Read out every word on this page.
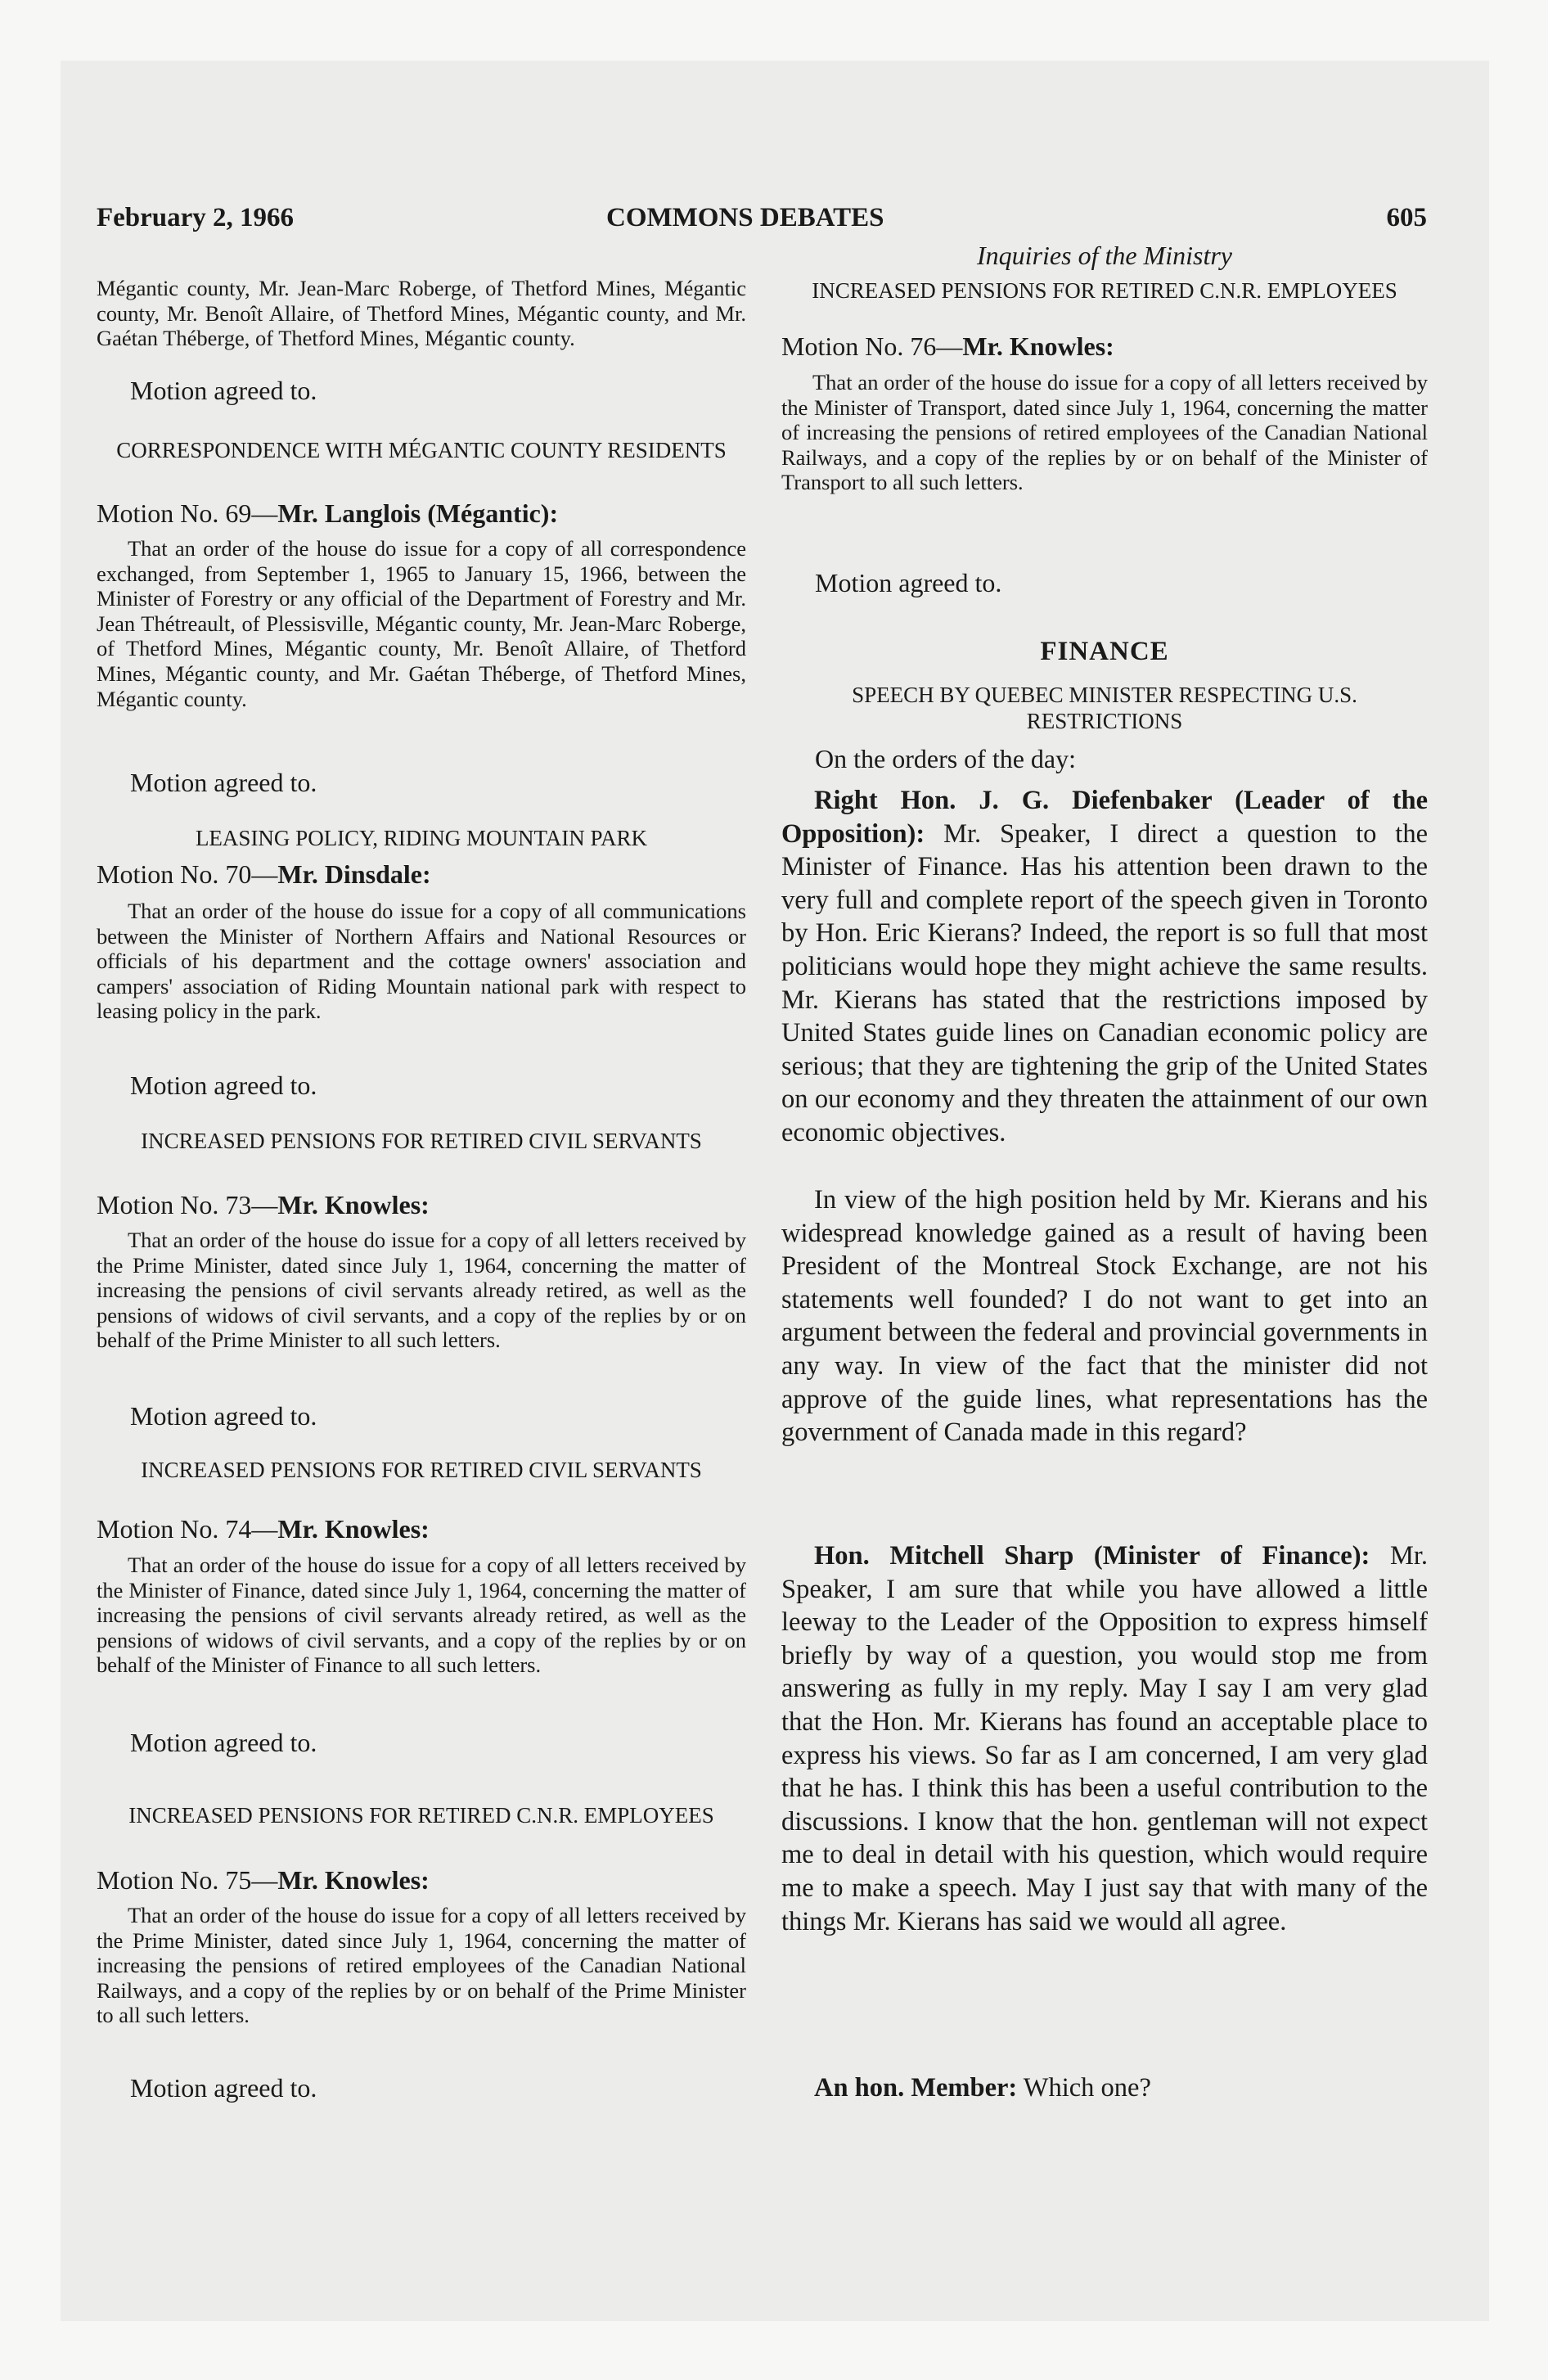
February 2, 1966	COMMONS DEBATES	605
Mégantic county, Mr. Jean-Marc Roberge, of Thetford Mines, Mégantic county, Mr. Benoît Allaire, of Thetford Mines, Mégantic county, and Mr. Gaétan Théberge, of Thetford Mines, Mégantic county.
Motion agreed to.
CORRESPONDENCE WITH MÉGANTIC COUNTY RESIDENTS
Motion No. 69—Mr. Langlois (Mégantic):
That an order of the house do issue for a copy of all correspondence exchanged, from September 1, 1965 to January 15, 1966, between the Minister of Forestry or any official of the Department of Forestry and Mr. Jean Thétreault, of Plessisville, Mégantic county, Mr. Jean-Marc Roberge, of Thetford Mines, Mégantic county, Mr. Benoît Allaire, of Thetford Mines, Mégantic county, and Mr. Gaétan Théberge, of Thetford Mines, Mégantic county.
Motion agreed to.
LEASING POLICY, RIDING MOUNTAIN PARK
Motion No. 70—Mr. Dinsdale:
That an order of the house do issue for a copy of all communications between the Minister of Northern Affairs and National Resources or officials of his department and the cottage owners' association and campers' association of Riding Mountain national park with respect to leasing policy in the park.
Motion agreed to.
INCREASED PENSIONS FOR RETIRED CIVIL SERVANTS
Motion No. 73—Mr. Knowles:
That an order of the house do issue for a copy of all letters received by the Prime Minister, dated since July 1, 1964, concerning the matter of increasing the pensions of civil servants already retired, as well as the pensions of widows of civil servants, and a copy of the replies by or on behalf of the Prime Minister to all such letters.
Motion agreed to.
INCREASED PENSIONS FOR RETIRED CIVIL SERVANTS
Motion No. 74—Mr. Knowles:
That an order of the house do issue for a copy of all letters received by the Minister of Finance, dated since July 1, 1964, concerning the matter of increasing the pensions of civil servants already retired, as well as the pensions of widows of civil servants, and a copy of the replies by or on behalf of the Minister of Finance to all such letters.
Motion agreed to.
INCREASED PENSIONS FOR RETIRED C.N.R. EMPLOYEES
Motion No. 75—Mr. Knowles:
That an order of the house do issue for a copy of all letters received by the Prime Minister, dated since July 1, 1964, concerning the matter of increasing the pensions of retired employees of the Canadian National Railways, and a copy of the replies by or on behalf of the Prime Minister to all such letters.
Motion agreed to.
Inquiries of the Ministry
INCREASED PENSIONS FOR RETIRED C.N.R. EMPLOYEES
Motion No. 76—Mr. Knowles:
That an order of the house do issue for a copy of all letters received by the Minister of Transport, dated since July 1, 1964, concerning the matter of increasing the pensions of retired employees of the Canadian National Railways, and a copy of the replies by or on behalf of the Minister of Transport to all such letters.
Motion agreed to.
FINANCE
SPEECH BY QUEBEC MINISTER RESPECTING U.S. RESTRICTIONS
On the orders of the day:
Right Hon. J. G. Diefenbaker (Leader of the Opposition): Mr. Speaker, I direct a question to the Minister of Finance. Has his attention been drawn to the very full and complete report of the speech given in Toronto by Hon. Eric Kierans? Indeed, the report is so full that most politicians would hope they might achieve the same results. Mr. Kierans has stated that the restrictions imposed by United States guide lines on Canadian economic policy are serious; that they are tightening the grip of the United States on our economy and they threaten the attainment of our own economic objectives.
In view of the high position held by Mr. Kierans and his widespread knowledge gained as a result of having been President of the Montreal Stock Exchange, are not his statements well founded? I do not want to get into an argument between the federal and provincial governments in any way. In view of the fact that the minister did not approve of the guide lines, what representations has the government of Canada made in this regard?
Hon. Mitchell Sharp (Minister of Finance): Mr. Speaker, I am sure that while you have allowed a little leeway to the Leader of the Opposition to express himself briefly by way of a question, you would stop me from answering as fully in my reply. May I say I am very glad that the Hon. Mr. Kierans has found an acceptable place to express his views. So far as I am concerned, I am very glad that he has. I think this has been a useful contribution to the discussions. I know that the hon. gentleman will not expect me to deal in detail with his question, which would require me to make a speech. May I just say that with many of the things Mr. Kierans has said we would all agree.
An hon. Member: Which one?
